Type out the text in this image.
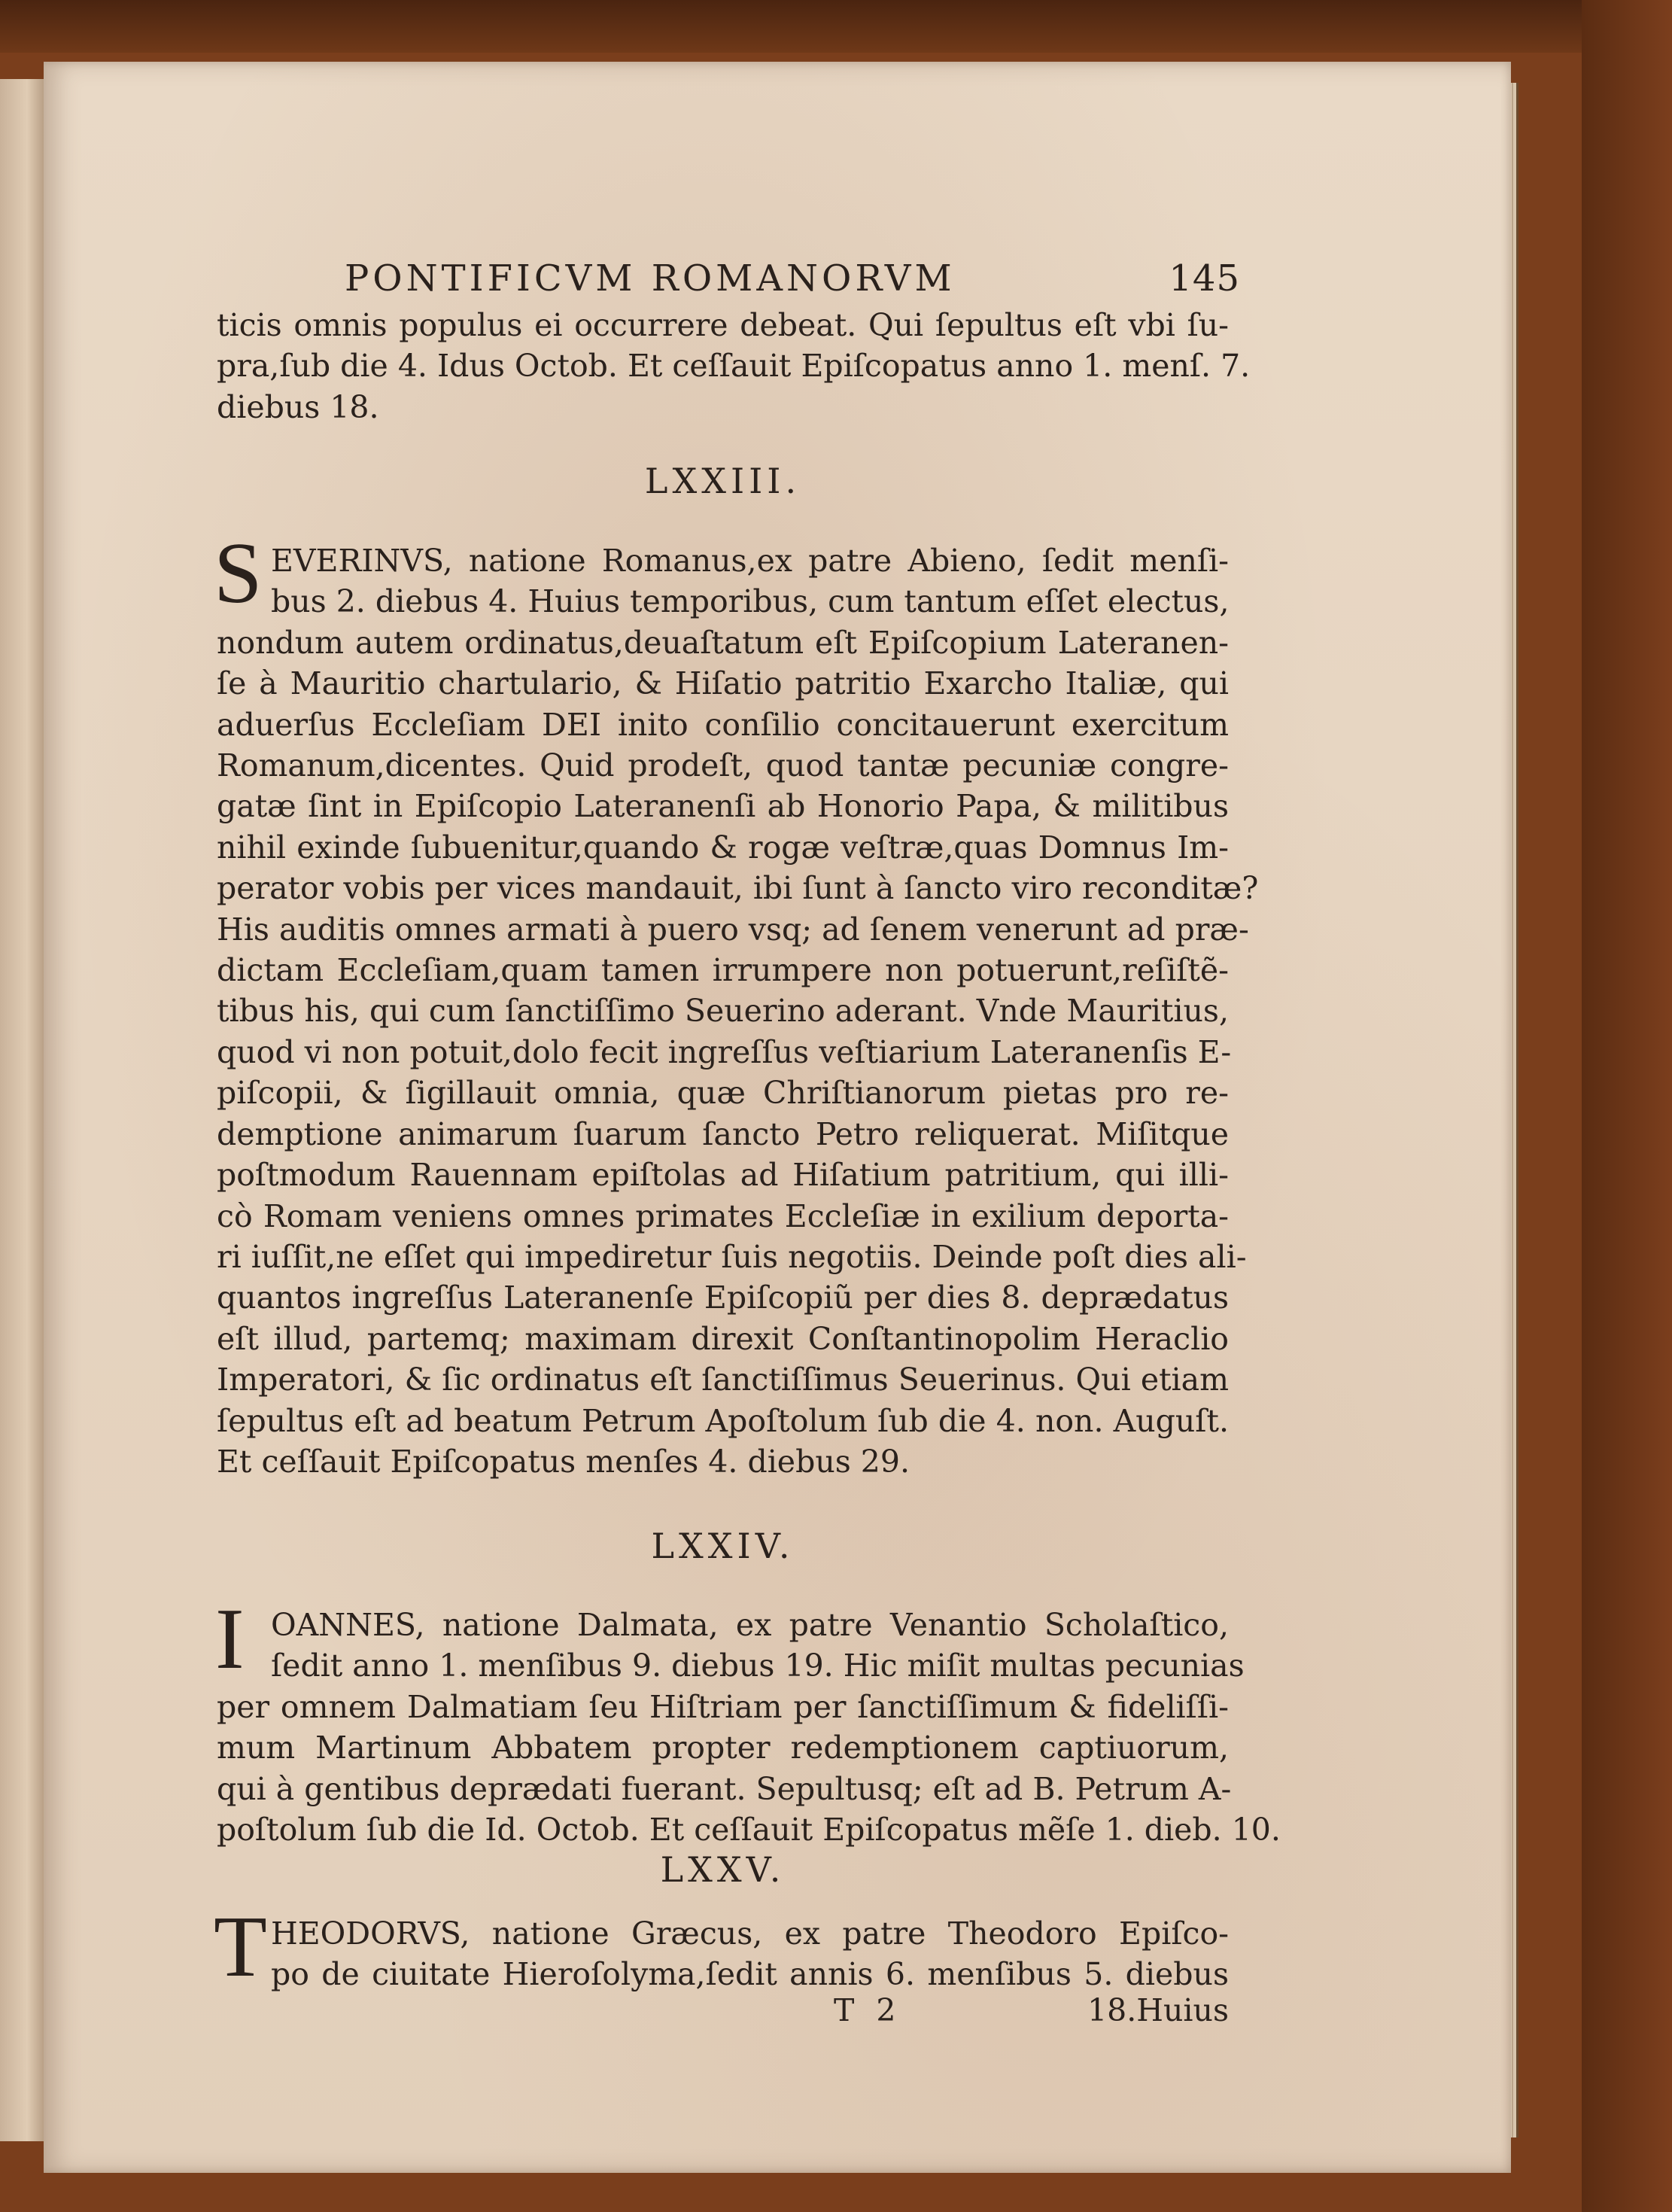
PONTIFICVM ROMANORVM	145
ticis omnis populus ei occurrere debeat. Qui ſepultus eſt vbi ſu-
pra,ſub die 4. Idus Octob. Et ceſſauit Epiſcopatus anno 1. menſ. 7.
diebus 18.
LXXIII.
S EVERINVS, natione Romanus,ex patre Abieno, ſedit menſi-
bus 2. diebus 4. Huius temporibus, cum tantum eſſet electus,
nondum autem ordinatus,deuaſtatum eſt Epiſcopium Lateranen-
ſe à Mauritio chartulario, & Hiſatio patritio Exarcho Italiæ, qui
aduerſus Eccleſiam DEI inito conſilio concitauerunt exercitum
Romanum,dicentes. Quid prodeſt, quod tantæ pecuniæ congre-
gatæ ſint in Epiſcopio Lateranenſi ab Honorio Papa, & militibus
nihil exinde ſubuenitur,quando & rogæ veſtræ,quas Domnus Im-
perator vobis per vices mandauit, ibi ſunt à ſancto viro reconditæ?
His auditis omnes armati à puero vsq; ad ſenem venerunt ad præ-
dictam Eccleſiam,quam tamen irrumpere non potuerunt,reſiſtẽ-
tibus his, qui cum ſanctiſſimo Seuerino aderant. Vnde Mauritius,
quod vi non potuit,dolo fecit ingreſſus veſtiarium Lateranenſis E-
piſcopii, & ſigillauit omnia, quæ Chriſtianorum pietas pro re-
demptione animarum ſuarum ſancto Petro reliquerat. Miſitque
poſtmodum Rauennam epiſtolas ad Hiſatium patritium, qui illi-
cò Romam veniens omnes primates Eccleſiæ in exilium deporta-
ri iuſſit,ne eſſet qui impediretur ſuis negotiis. Deinde poſt dies ali-
quantos ingreſſus Lateranenſe Epiſcopiũ per dies 8. deprædatus
eſt illud, partemq; maximam direxit Conſtantinopolim Heraclio
Imperatori, & ſic ordinatus eſt ſanctiſſimus Seuerinus. Qui etiam
ſepultus eſt ad beatum Petrum Apoſtolum ſub die 4. non. Auguſt.
Et ceſſauit Epiſcopatus menſes 4. diebus 29.
LXXIV.
I OANNES, natione Dalmata, ex patre Venantio Scholaſtico,
ſedit anno 1. menſibus 9. diebus 19. Hic miſit multas pecunias
per omnem Dalmatiam ſeu Hiſtriam per ſanctiſſimum & fideliſſi-
mum Martinum Abbatem propter redemptionem captiuorum,
qui à gentibus deprædati fuerant. Sepultusq; eſt ad B. Petrum A-
poſtolum ſub die Id. Octob. Et ceſſauit Epiſcopatus mẽſe 1. dieb. 10.
LXXV.
T HEODORVS, natione Græcus, ex patre Theodoro Epiſco-
po de ciuitate Hieroſolyma,ſedit annis 6. menſibus 5. diebus
T 2	18.Huius
